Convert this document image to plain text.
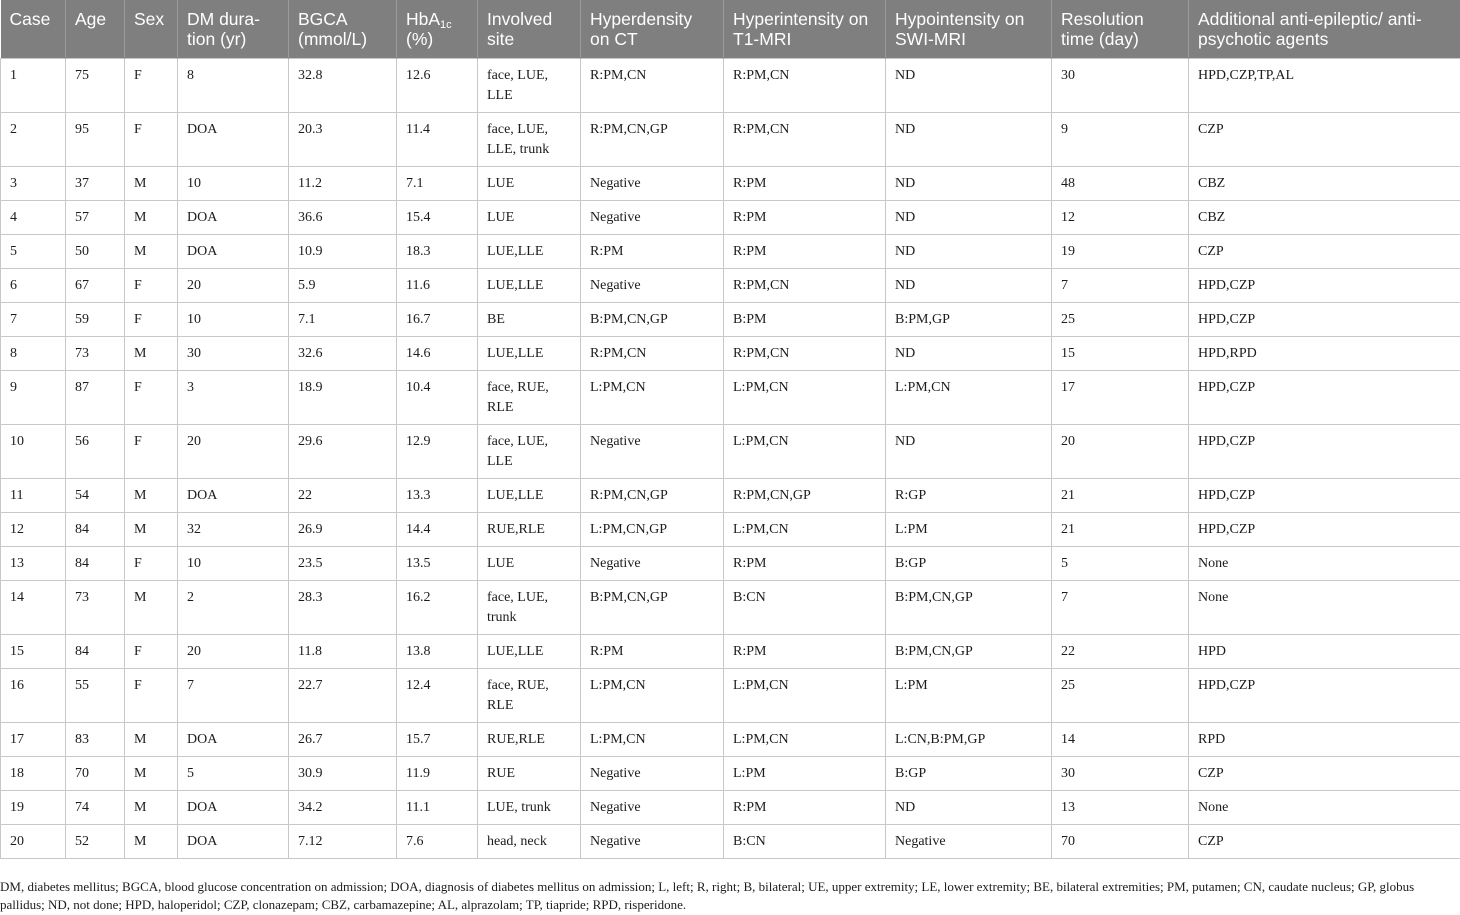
Case	Age	Sex	DM dura-tion (yr)	BGCA (mmol/L)	HbA$_{1c}$ (%)	Involved site	Hyperdensity on CT	Hyperintensity on T1-MRI	Hypointensity on SWI-MRI	Resolution time (day)	Additional anti-epileptic/ anti-psychotic agents
1	75	F	8	32.8	12.6	face, LUE, LLE	R:PM,CN	R:PM,CN	ND	30	HPD,CZP,TP,AL
2	95	F	DOA	20.3	11.4	face, LUE, LLE, trunk	R:PM,CN,GP	R:PM,CN	ND	9	CZP
3	37	M	10	11.2	7.1	LUE	Negative	R:PM	ND	48	CBZ
4	57	M	DOA	36.6	15.4	LUE	Negative	R:PM	ND	12	CBZ
5	50	M	DOA	10.9	18.3	LUE,LLE	R:PM	R:PM	ND	19	CZP
6	67	F	20	5.9	11.6	LUE,LLE	Negative	R:PM,CN	ND	7	HPD,CZP
7	59	F	10	7.1	16.7	BE	B:PM,CN,GP	B:PM	B:PM,GP	25	HPD,CZP
8	73	M	30	32.6	14.6	LUE,LLE	R:PM,CN	R:PM,CN	ND	15	HPD,RPD
9	87	F	3	18.9	10.4	face, RUE, RLE	L:PM,CN	L:PM,CN	L:PM,CN	17	HPD,CZP
10	56	F	20	29.6	12.9	face, LUE, LLE	Negative	L:PM,CN	ND	20	HPD,CZP
11	54	M	DOA	22	13.3	LUE,LLE	R:PM,CN,GP	R:PM,CN,GP	R:GP	21	HPD,CZP
12	84	M	32	26.9	14.4	RUE,RLE	L:PM,CN,GP	L:PM,CN	L:PM	21	HPD,CZP
13	84	F	10	23.5	13.5	LUE	Negative	R:PM	B:GP	5	None
14	73	M	2	28.3	16.2	face, LUE, trunk	B:PM,CN,GP	B:CN	B:PM,CN,GP	7	None
15	84	F	20	11.8	13.8	LUE,LLE	R:PM	R:PM	B:PM,CN,GP	22	HPD
16	55	F	7	22.7	12.4	face, RUE, RLE	L:PM,CN	L:PM,CN	L:PM	25	HPD,CZP
17	83	M	DOA	26.7	15.7	RUE,RLE	L:PM,CN	L:PM,CN	L:CN,B:PM,GP	14	RPD
18	70	M	5	30.9	11.9	RUE	Negative	L:PM	B:GP	30	CZP
19	74	M	DOA	34.2	11.1	LUE, trunk	Negative	R:PM	ND	13	None
20	52	M	DOA	7.12	7.6	head, neck	Negative	B:CN	Negative	70	CZP
DM, diabetes mellitus; BGCA, blood glucose concentration on admission; DOA, diagnosis of diabetes mellitus on admission; L, left; R, right; B, bilateral; UE, upper extremity; LE, lower extremity; BE, bilateral extremities; PM, putamen; CN, caudate nucleus; GP, globus pallidus; ND, not done; HPD, haloperidol; CZP, clonazepam; CBZ, carbamazepine; AL, alprazolam; TP, tiapride; RPD, risperidone.
